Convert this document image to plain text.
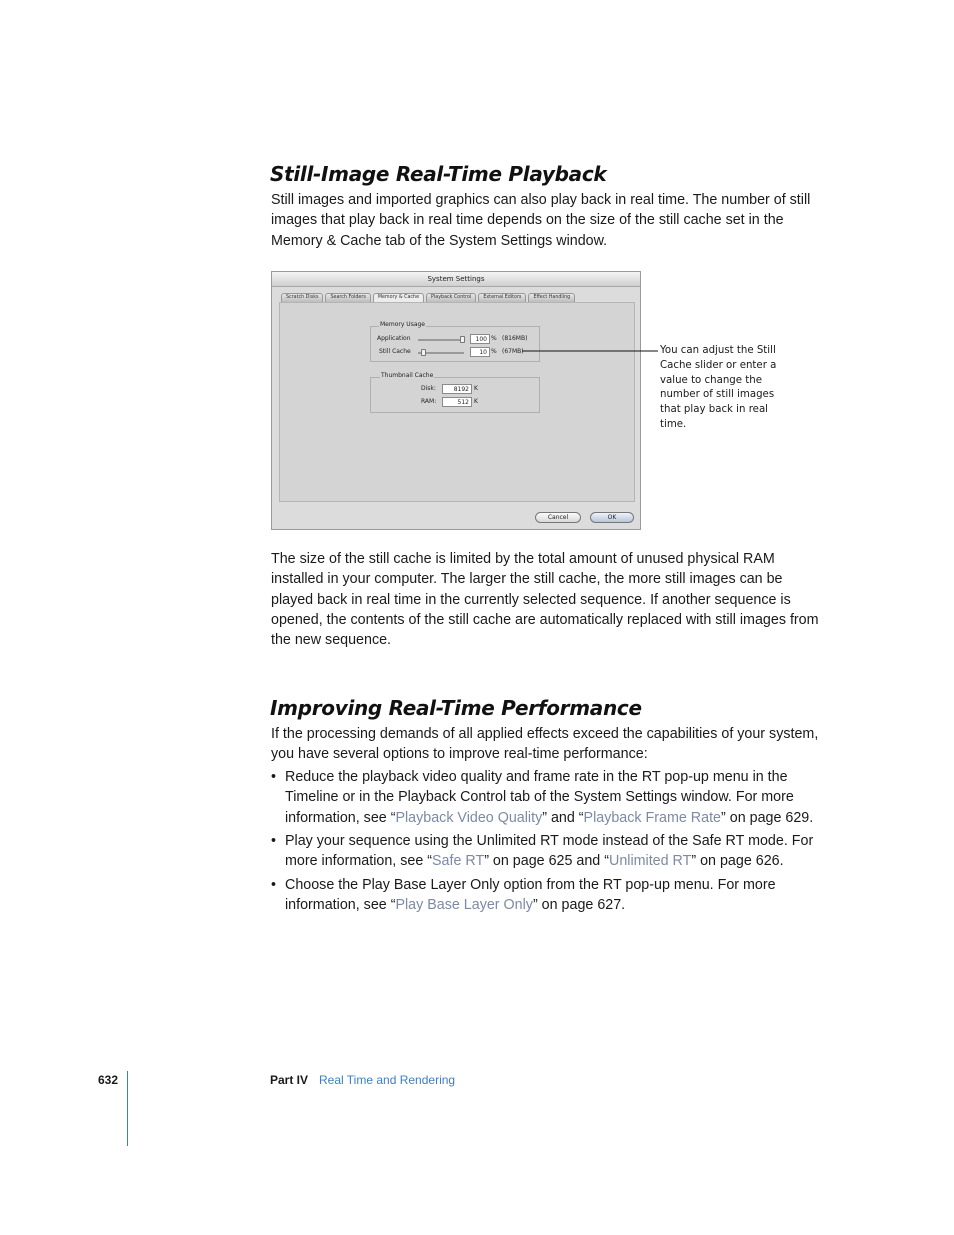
Still-Image Real-Time Playback

Still images and imported graphics can also play back in real time. The number of still images that play back in real time depends on the size of the still cache set in the Memory & Cache tab of the System Settings window.

System Settings
Scratch Disks	Search Folders	Memory & Cache	Playback Control	External Editors	Effect Handling
Memory Usage
Application	100 % (816MB)
Still Cache	10 % (67MB)
Thumbnail Cache
Disk:	8192 K
RAM:	512 K
Cancel	OK
You can adjust the Still Cache slider or enter a value to change the number of still images that play back in real time.

The size of the still cache is limited by the total amount of unused physical RAM installed in your computer. The larger the still cache, the more still images can be played back in real time in the currently selected sequence. If another sequence is opened, the contents of the still cache are automatically replaced with still images from the new sequence.

Improving Real-Time Performance

If the processing demands of all applied effects exceed the capabilities of your system, you have several options to improve real-time performance:

• Reduce the playback video quality and frame rate in the RT pop-up menu in the Timeline or in the Playback Control tab of the System Settings window. For more information, see “Playback Video Quality” and “Playback Frame Rate” on page 629.
• Play your sequence using the Unlimited RT mode instead of the Safe RT mode. For more information, see “Safe RT” on page 625 and “Unlimited RT” on page 626.
• Choose the Play Base Layer Only option from the RT pop-up menu. For more information, see “Play Base Layer Only” on page 627.
632	Part IV Real Time and Rendering
